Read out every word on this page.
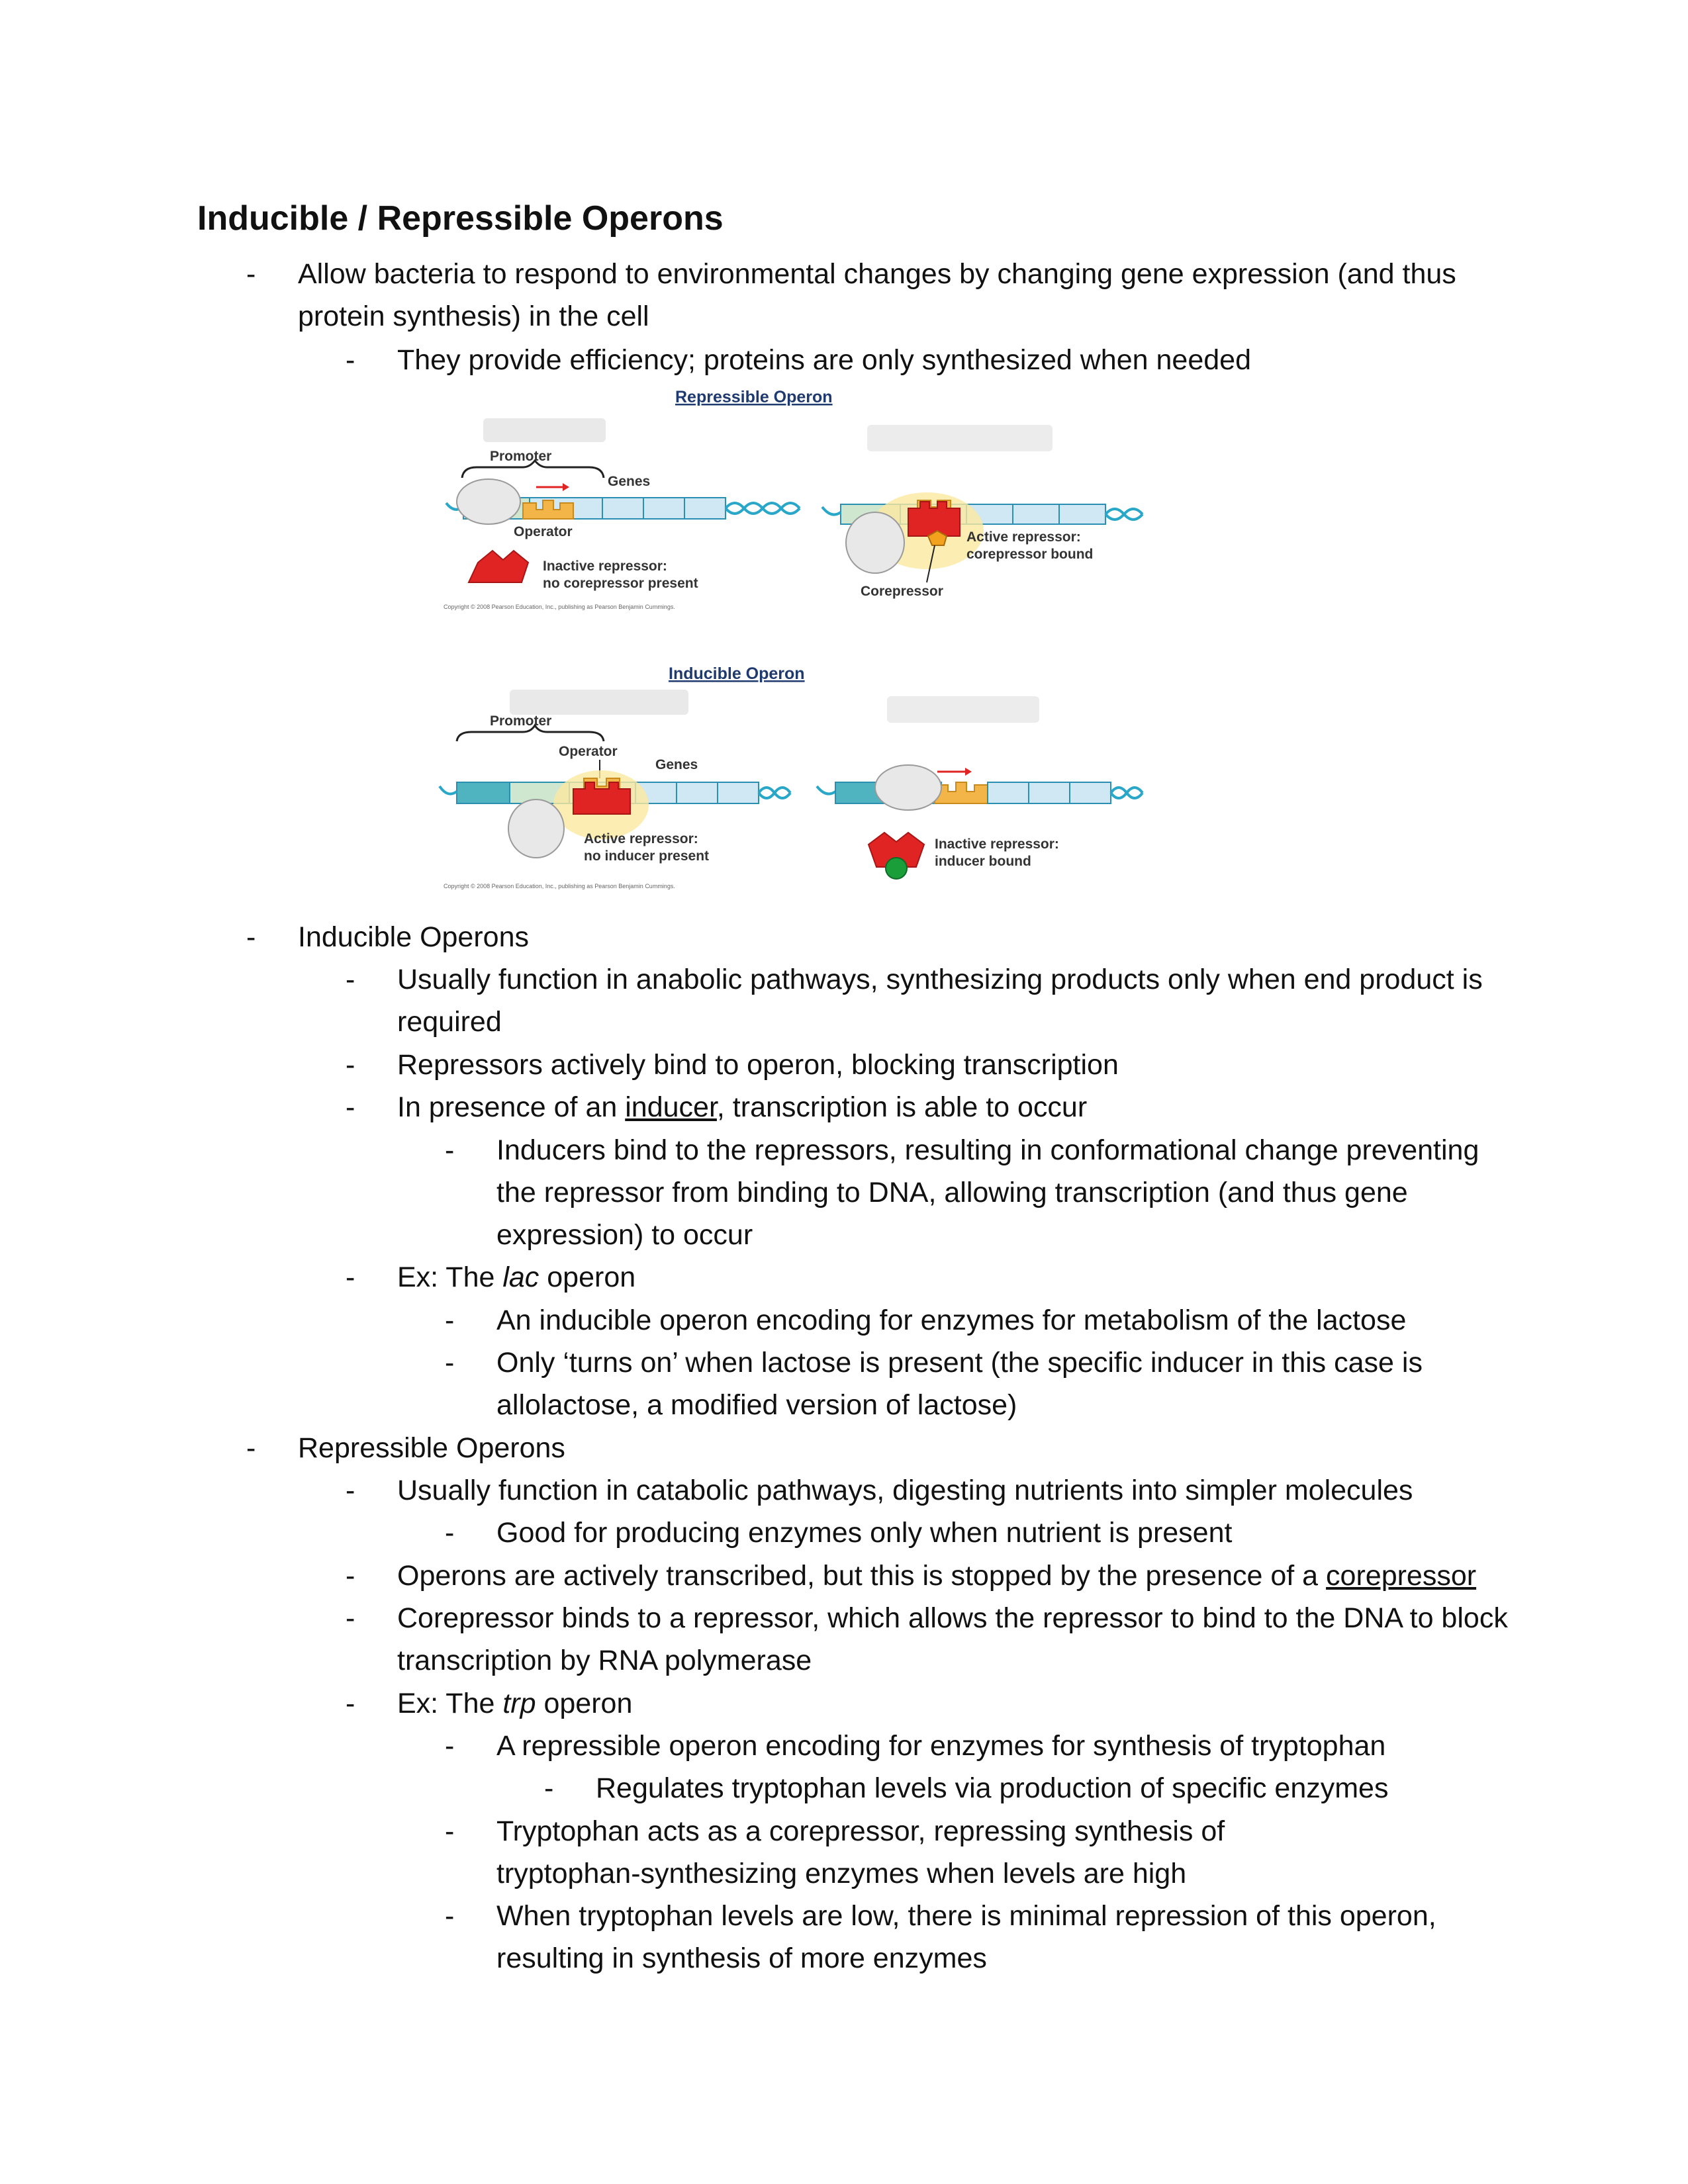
Inducible / Repressible Operons
- Allow bacteria to respond to environmental changes by changing gene expression (and thus
protein synthesis) in the cell
- They provide efficiency; proteins are only synthesized when needed
Repressible Operon
Promoter
Genes
Operator
Inactive repressor:
no corepressor present
Copyright © 2008 Pearson Education, Inc., publishing as Pearson Benjamin Cummings.
Active repressor:
corepressor bound
Corepressor
Inducible Operon
Promoter
Operator
Genes
Active repressor:
no inducer present
Copyright © 2008 Pearson Education, Inc., publishing as Pearson Benjamin Cummings.
Inactive repressor:
inducer bound
- Inducible Operons
- Usually function in anabolic pathways, synthesizing products only when end product is
required
- Repressors actively bind to operon, blocking transcription
- In presence of an inducer, transcription is able to occur
- Inducers bind to the repressors, resulting in conformational change preventing
the repressor from binding to DNA, allowing transcription (and thus gene
expression) to occur
- Ex: The lac operon
- An inducible operon encoding for enzymes for metabolism of the lactose
- Only ‘turns on’ when lactose is present (the specific inducer in this case is
allolactose, a modified version of lactose)
- Repressible Operons
- Usually function in catabolic pathways, digesting nutrients into simpler molecules
- Good for producing enzymes only when nutrient is present
- Operons are actively transcribed, but this is stopped by the presence of a corepressor
- Corepressor binds to a repressor, which allows the repressor to bind to the DNA to block
transcription by RNA polymerase
- Ex: The trp operon
- A repressible operon encoding for enzymes for synthesis of tryptophan
- Regulates tryptophan levels via production of specific enzymes
- Tryptophan acts as a corepressor, repressing synthesis of
tryptophan-synthesizing enzymes when levels are high
- When tryptophan levels are low, there is minimal repression of this operon,
resulting in synthesis of more enzymes
